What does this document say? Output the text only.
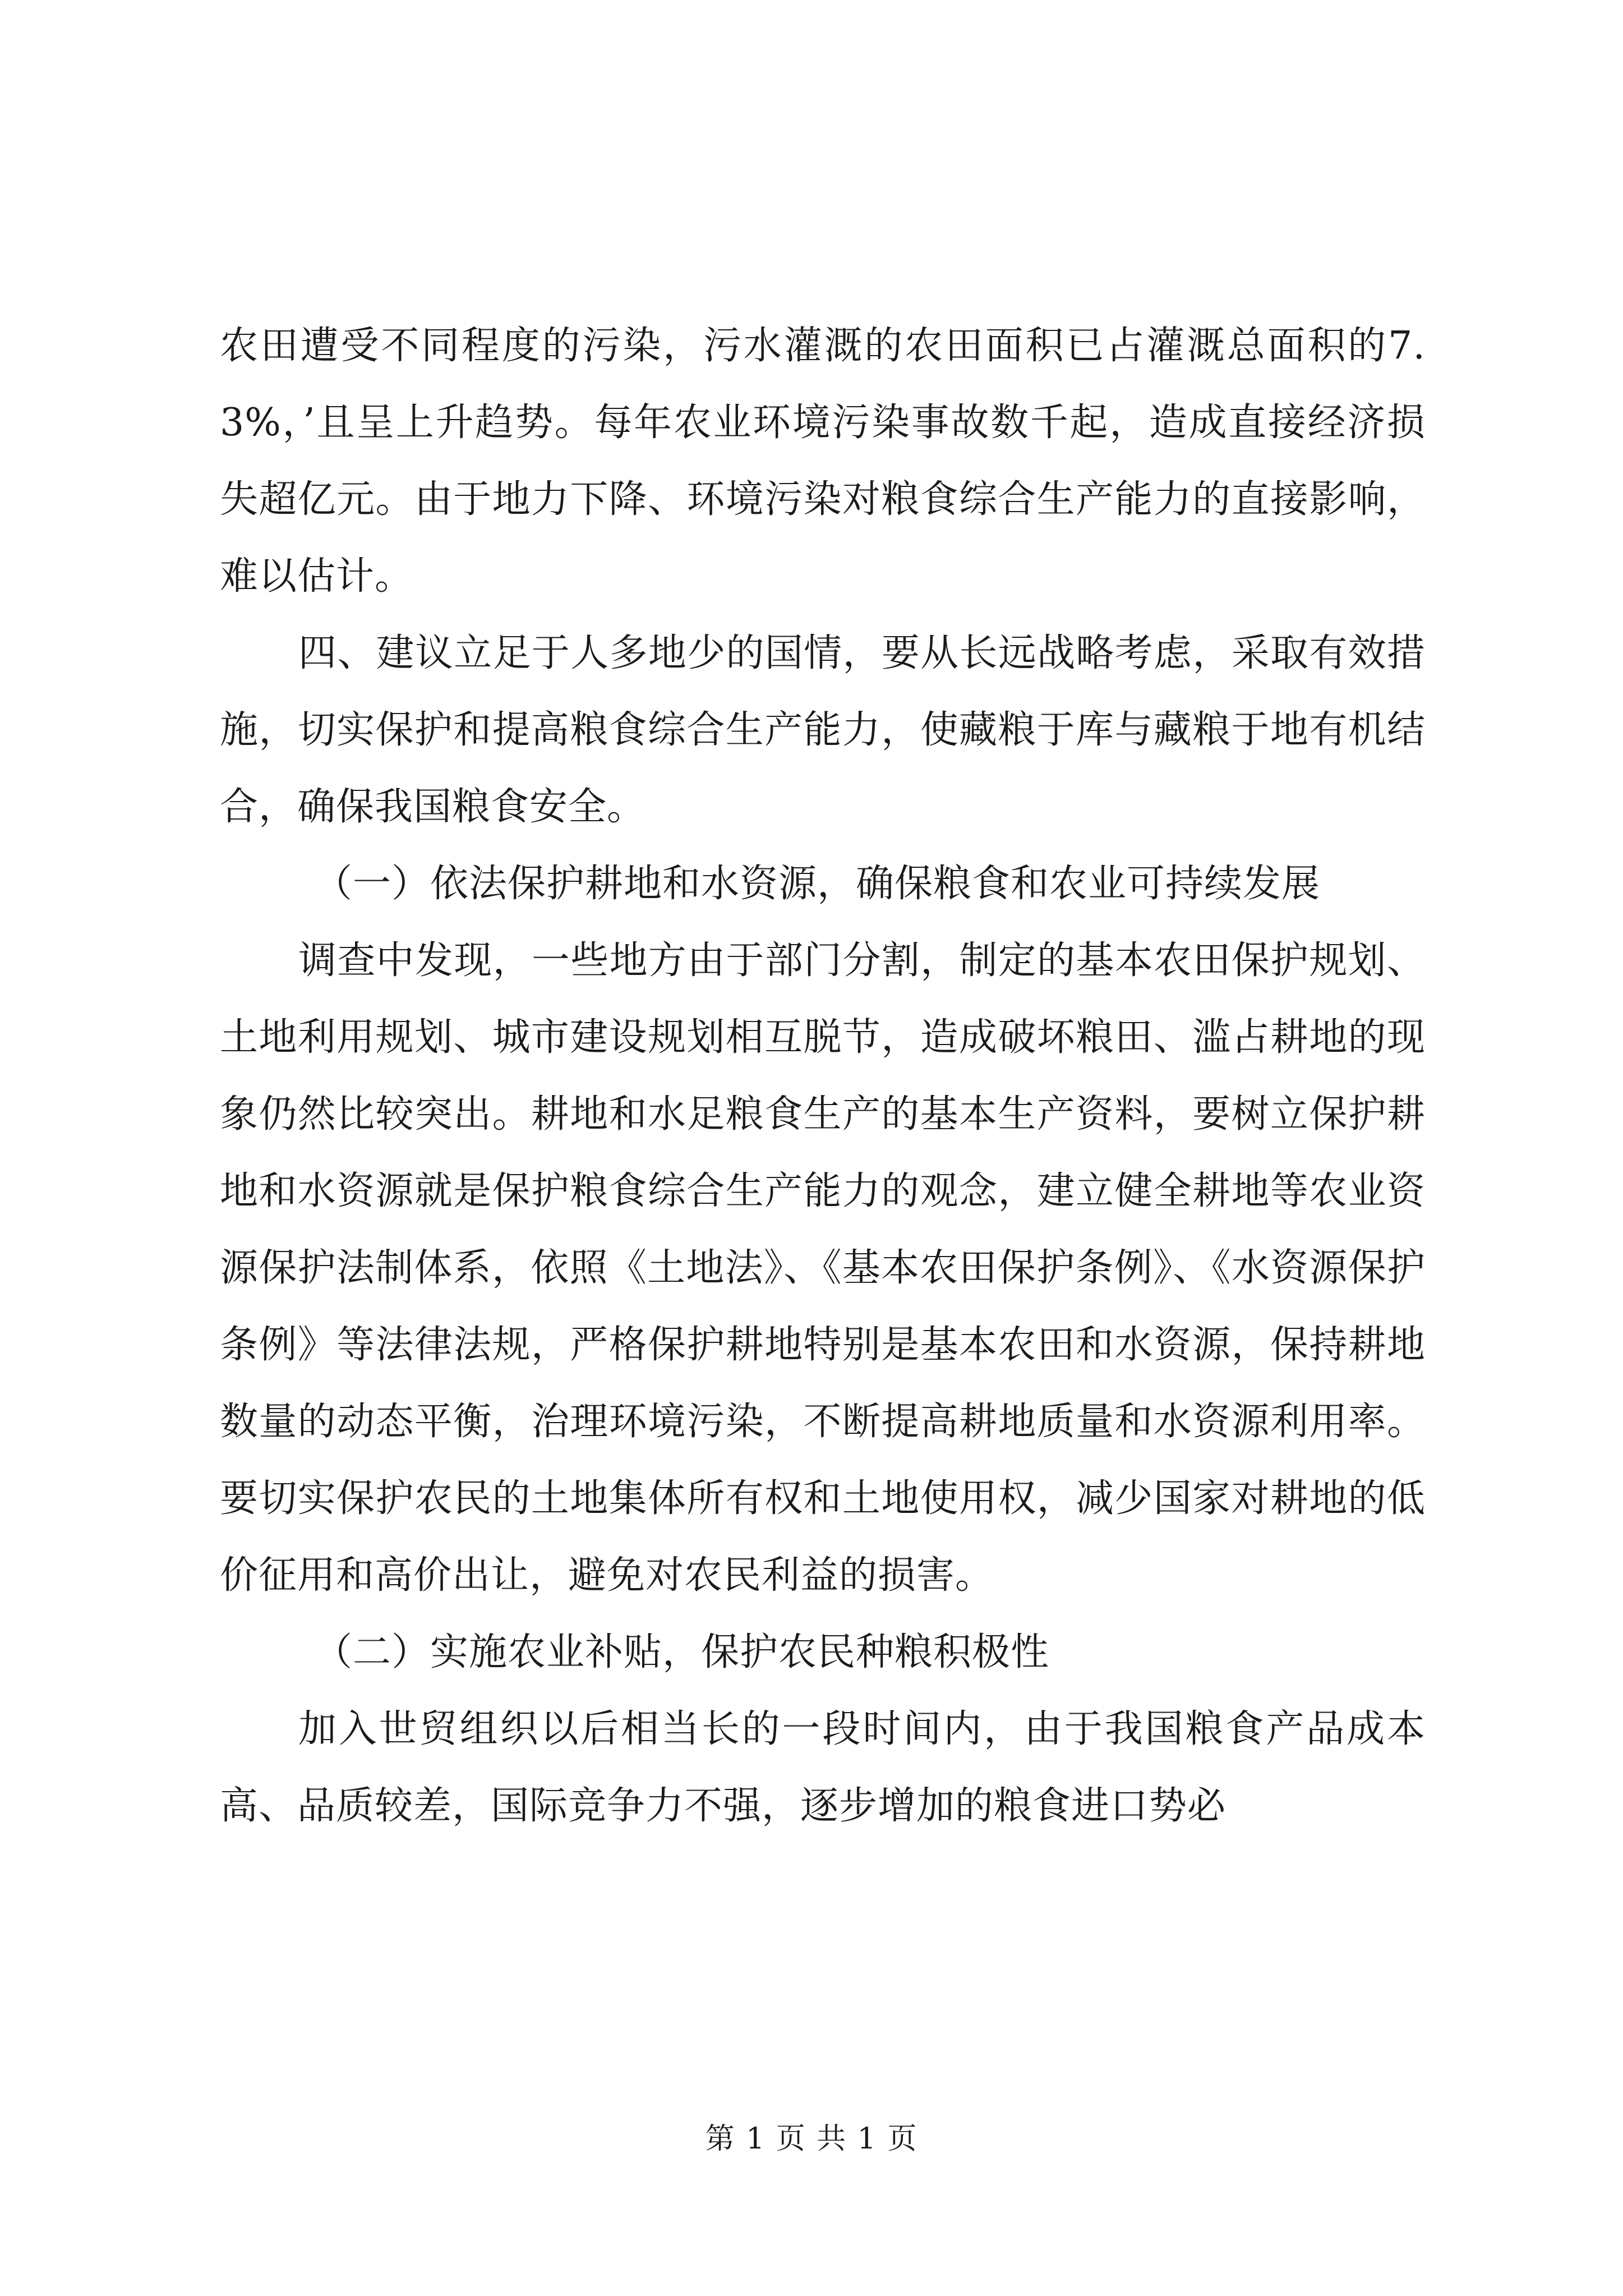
农田遭受不同程度的污染，污水灌溉的农田面积已占灌溉总面积的7.3%，’且呈上升趋势。每年农业环境污染事故数千起，造成直接经济损失超亿元。由于地力下降、环境污染对粮食综合生产能力的直接影响，难以估计。

四、建议立足于人多地少的国情，要从长远战略考虑，采取有效措施，切实保护和提高粮食综合生产能力，使藏粮于库与藏粮于地有机结合，确保我国粮食安全。

（一）依法保护耕地和水资源，确保粮食和农业可持续发展

调查中发现，一些地方由于部门分割，制定的基本农田保护规划、土地利用规划、城市建设规划相互脱节，造成破坏粮田、滥占耕地的现象仍然比较突出。耕地和水足粮食生产的基本生产资料，要树立保护耕地和水资源就是保护粮食综合生产能力的观念，建立健全耕地等农业资源保护法制体系，依照《土地法》、《基本农田保护条例》、《水资源保护条例》等法律法规，严格保护耕地特别是基本农田和水资源，保持耕地数量的动态平衡，治理环境污染，不断提高耕地质量和水资源利用率。要切实保护农民的土地集体所有权和土地使用权，减少国家对耕地的低价征用和高价出让，避免对农民利益的损害。

（二）实施农业补贴，保护农民种粮积极性

加入世贸组织以后相当长的一段时间内，由于我国粮食产品成本高、品质较差，国际竞争力不强，逐步增加的粮食进口势必

第 1 页 共 1 页
